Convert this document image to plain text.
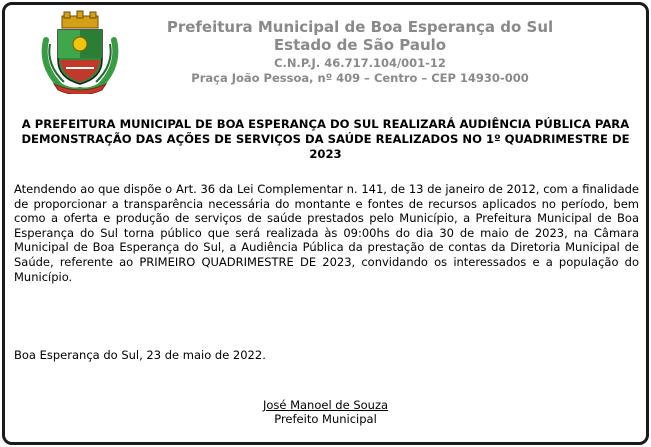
Prefeitura Municipal de Boa Esperança do Sul
Estado de São Paulo
C.N.P.J. 46.717.104/001-12
Praça João Pessoa, nº 409 – Centro – CEP 14930-000
A PREFEITURA MUNICIPAL DE BOA ESPERANÇA DO SUL REALIZARÁ AUDIÊNCIA PÚBLICA PARA DEMONSTRAÇÃO DAS AÇÕES DE SERVIÇOS DA SAÚDE REALIZADOS NO 1º QUADRIMESTRE DE 2023
Atendendo ao que dispõe o Art. 36 da Lei Complementar n. 141, de 13 de janeiro de 2012, com a finalidade de proporcionar a transparência necessária do montante e fontes de recursos aplicados no período, bem como a oferta e produção de serviços de saúde prestados pelo Município, a Prefeitura Municipal de Boa Esperança do Sul torna público que será realizada às 09:00hs do dia 30 de maio de 2023, na Câmara Municipal de Boa Esperança do Sul, a Audiência Pública da prestação de contas da Diretoria Municipal de Saúde, referente ao PRIMEIRO QUADRIMESTRE DE 2023, convidando os interessados e a população do Município.
Boa Esperança do Sul, 23 de maio de 2022.
José Manoel de Souza
Prefeito Municipal
